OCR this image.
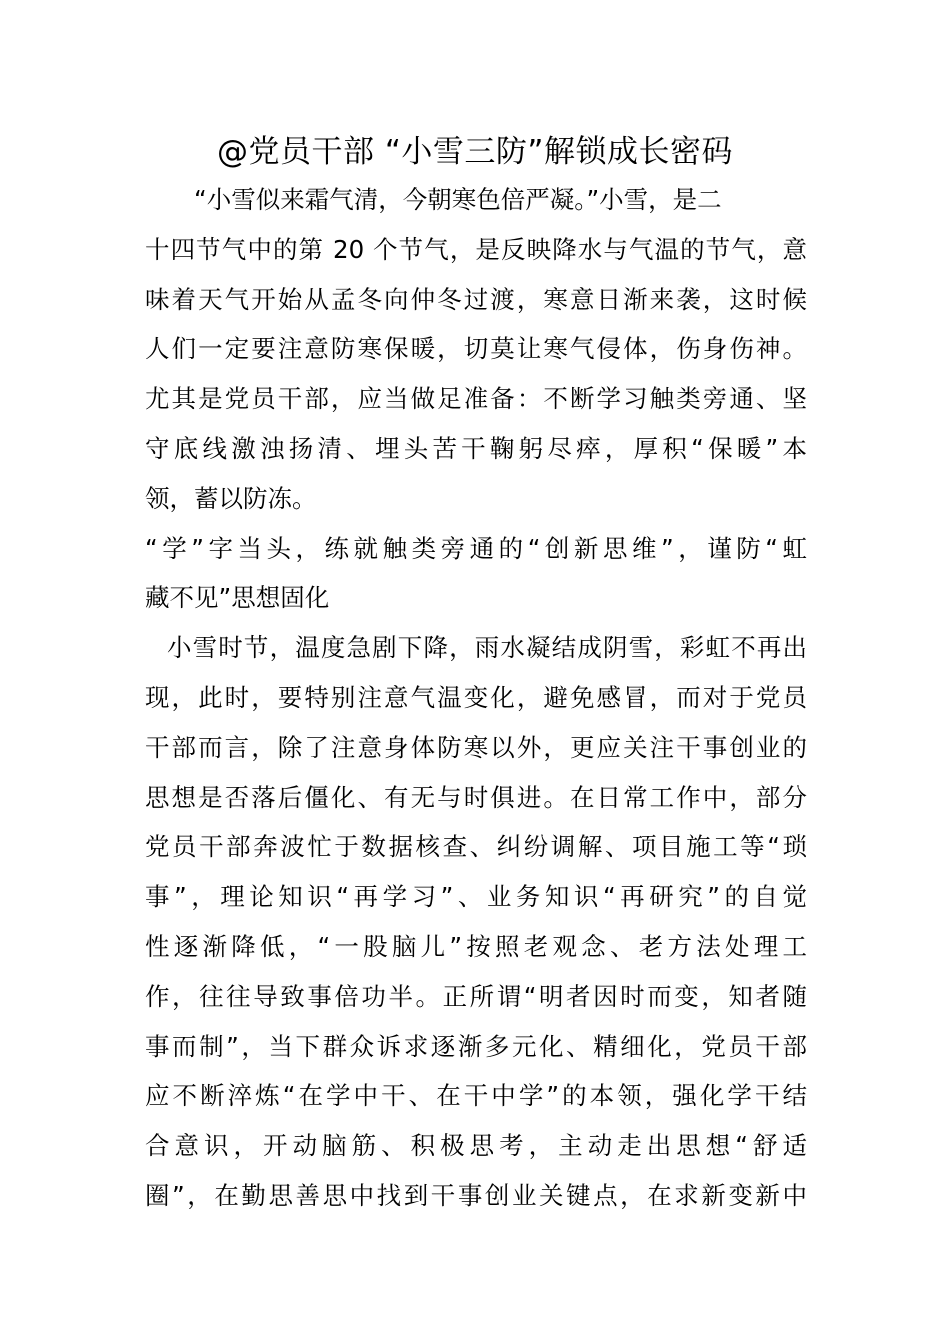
@党员干部 “小雪三防”解锁成长密码
　　“小雪似来霜气清，今朝寒色倍严凝。”小雪，是二
十四节气中的第 20 个节气，是反映降水与气温的节气，意
味着天气开始从孟冬向仲冬过渡，寒意日渐来袭，这时候
人们一定要注意防寒保暖，切莫让寒气侵体，伤身伤神。
尤其是党员干部，应当做足准备：不断学习触类旁通、坚
守底线激浊扬清、埋头苦干鞠躬尽瘁，厚积“保暖”本
领，蓄以防冻。
“学”字当头，练就触类旁通的“创新思维”，谨防“虹
藏不见”思想固化
小雪时节，温度急剧下降，雨水凝结成阴雪，彩虹不再出
现，此时，要特别注意气温变化，避免感冒，而对于党员
干部而言，除了注意身体防寒以外，更应关注干事创业的
思想是否落后僵化、有无与时俱进。在日常工作中，部分
党员干部奔波忙于数据核查、纠纷调解、项目施工等“琐
事”，理论知识“再学习”、业务知识“再研究”的自觉
性逐渐降低，“一股脑儿”按照老观念、老方法处理工
作，往往导致事倍功半。正所谓“明者因时而变，知者随
事而制”，当下群众诉求逐渐多元化、精细化，党员干部
应不断淬炼“在学中干、在干中学”的本领，强化学干结
合意识，开动脑筋、积极思考，主动走出思想“舒适
圈”，在勤思善思中找到干事创业关键点，在求新变新中
